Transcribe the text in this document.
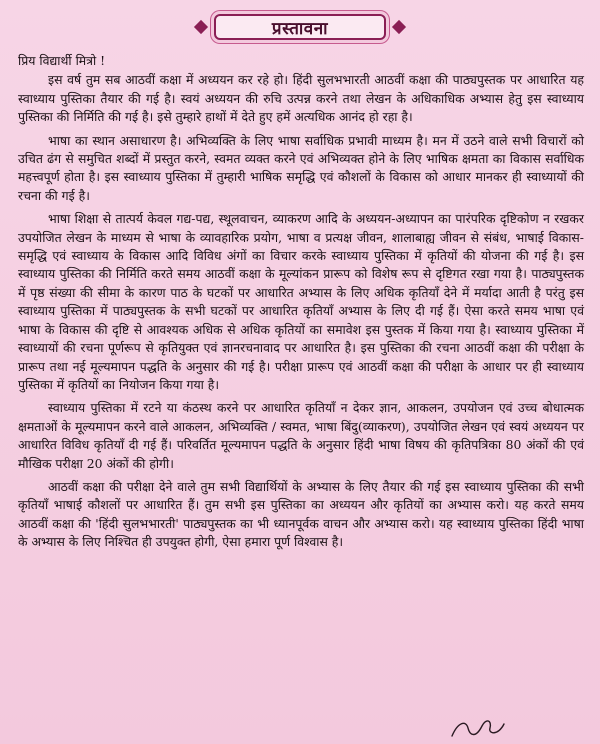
प्रस्तावना

प्रिय विद्यार्थी मित्रो !

इस वर्ष तुम सब आठवीं कक्षा में अध्ययन कर रहे हो। हिंदी सुलभभारती आठवीं कक्षा की पाठ्यपुस्तक पर आधारित यह स्वाध्याय पुस्तिका तैयार की गई है। स्वयं अध्ययन की रुचि उत्पन्न करने तथा लेखन के अधिकाधिक अभ्यास हेतु इस स्वाध्याय पुस्तिका की निर्मिति की गई है। इसे तुम्हारे हाथों में देते हुए हमें अत्यधिक आनंद हो रहा है।

भाषा का स्थान असाधारण है। अभिव्यक्ति के लिए भाषा सर्वाधिक प्रभावी माध्यम है। मन में उठने वाले सभी विचारों को उचित ढंग से समुचित शब्दों में प्रस्तुत करने, स्वमत व्यक्त करने एवं अभिव्यक्त होने के लिए भाषिक क्षमता का विकास सर्वाधिक महत्त्वपूर्ण होता है। इस स्वाध्याय पुस्तिका में तुम्हारी भाषिक समृद्धि एवं कौशलों के विकास को आधार मानकर ही स्वाध्यायों की रचना की गई है।

भाषा शिक्षा से तात्पर्य केवल गद्य-पद्य, स्थूलवाचन, व्याकरण आदि के अध्ययन-अध्यापन का पारंपरिक दृष्टिकोण न रखकर उपयोजित लेखन के माध्यम से भाषा के व्यावहारिक प्रयोग, भाषा व प्रत्यक्ष जीवन, शालाबाह्य जीवन से संबंध, भाषाई विकास-समृद्धि एवं स्वाध्याय के विकास आदि विविध अंगों का विचार करके स्वाध्याय पुस्तिका में कृतियों की योजना की गई है। इस स्वाध्याय पुस्तिका की निर्मिति करते समय आठवीं कक्षा के मूल्यांकन प्रारूप को विशेष रूप से दृष्टिगत रखा गया है। पाठ्यपुस्तक में पृष्ठ संख्या की सीमा के कारण पाठ के घटकों पर आधारित अभ्यास के लिए अधिक कृतियाँ देने में मर्यादा आती है परंतु इस स्वाध्याय पुस्तिका में पाठ्यपुस्तक के सभी घटकों पर आधारित कृतियाँ अभ्यास के लिए दी गई हैं। ऐसा करते समय भाषा एवं भाषा के विकास की दृष्टि से आवश्यक अधिक से अधिक कृतियों का समावेश इस पुस्तक में किया गया है। स्वाध्याय पुस्तिका में स्वाध्यायों की रचना पूर्णरूप से कृतियुक्त एवं ज्ञानरचनावाद पर आधारित है। इस पुस्तिका की रचना आठवीं कक्षा की परीक्षा के प्रारूप तथा नई मूल्यमापन पद्धति के अनुसार की गई है। परीक्षा प्रारूप एवं आठवीं कक्षा की परीक्षा के आधार पर ही स्वाध्याय पुस्तिका में कृतियों का नियोजन किया गया है।

स्वाध्याय पुस्तिका में रटने या कंठस्थ करने पर आधारित कृतियाँ न देकर ज्ञान, आकलन, उपयोजन एवं उच्च बोधात्मक क्षमताओं के मूल्यमापन करने वाले आकलन, अभिव्यक्ति / स्वमत, भाषा बिंदु(व्याकरण), उपयोजित लेखन एवं स्वयं अध्ययन पर आधारित विविध कृतियाँ दी गई हैं। परिवर्तित मूल्यमापन पद्धति के अनुसार हिंदी भाषा विषय की कृतिपत्रिका 80 अंकों की एवं मौखिक परीक्षा 20 अंकों की होगी।

आठवीं कक्षा की परीक्षा देने वाले तुम सभी विद्यार्थियों के अभ्यास के लिए तैयार की गई इस स्वाध्याय पुस्तिका की सभी कृतियाँ भाषाई कौशलों पर आधारित हैं। तुम सभी इस पुस्तिका का अध्ययन और कृतियों का अभ्यास करो। यह करते समय आठवीं कक्षा की 'हिंदी सुलभभारती' पाठ्यपुस्तक का भी ध्यानपूर्वक वाचन और अभ्यास करो। यह स्वाध्याय पुस्तिका हिंदी भाषा के अभ्यास के लिए निश्चित ही उपयुक्त होगी, ऐसा हमारा पूर्ण विश्वास है।
